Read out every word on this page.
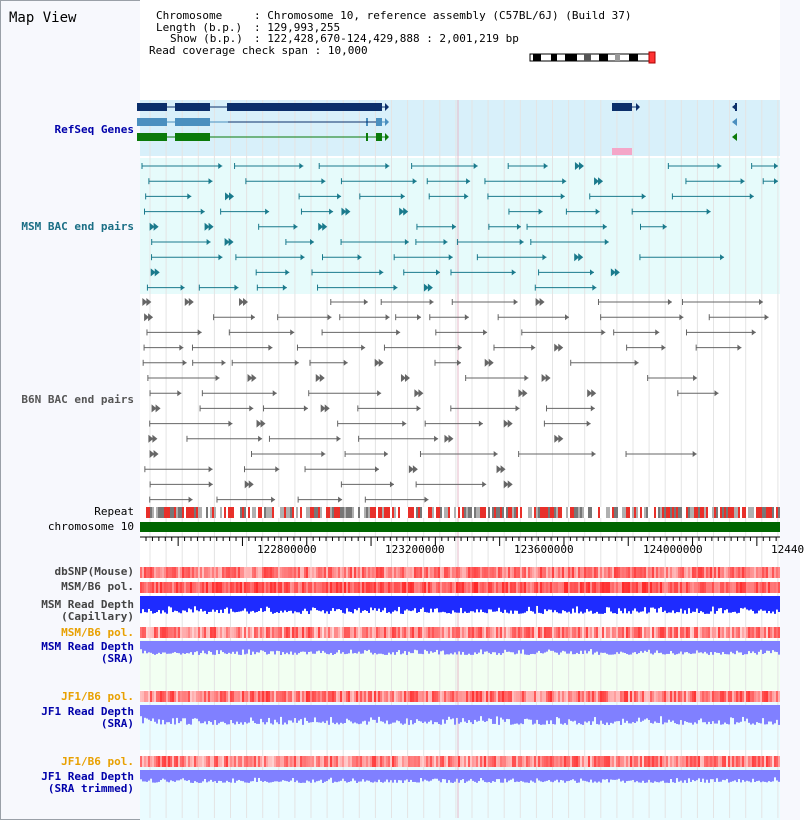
Map View	Chromosome	: Chromosome 10, reference assembly (C57BL/6J) (Build 37)
Length (b.p.) : 129,993,255
Show (b.p.) : 122,428,670-124,429,888 : 2,001,219 bp
Read coverage check span : 10,000
RefSeq Genes
MSM BAC end pairs
B6N BAC end pairs
Repeat
chromosome 10
dbSNP(Mouse)
MSM/B6 pol.
MSM Read Depth
(Capillary)
MSM/B6 pol.
MSM Read Depth
(SRA)
JF1/B6 pol.
JF1 Read Depth
(SRA)
JF1/B6 pol.
JF1 Read Depth
(SRA trimmed)
122800000	123200000	123600000	124000000	12440
